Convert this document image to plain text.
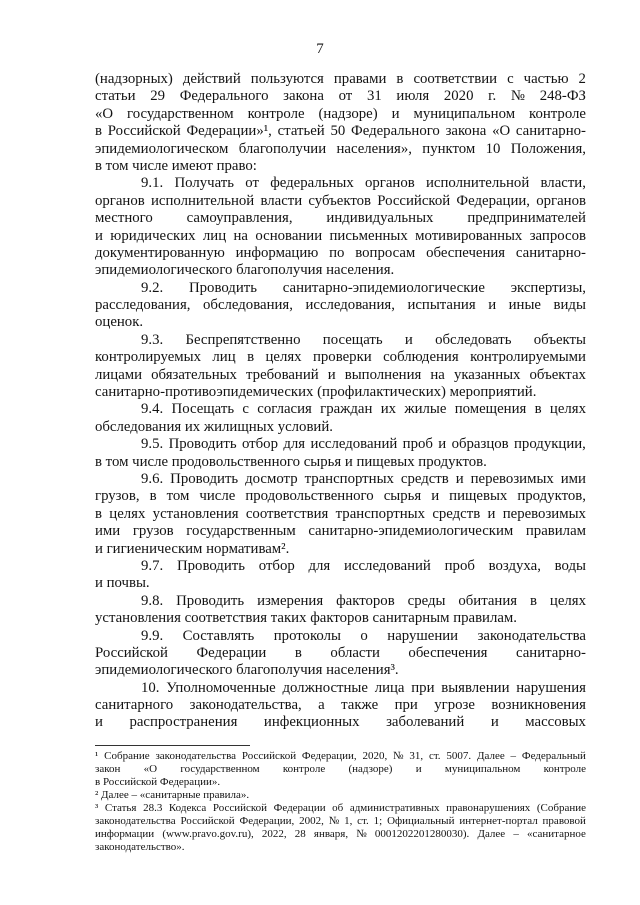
7
(надзорных) действий пользуются правами в соответствии с частью 2
статьи 29 Федерального закона от 31 июля 2020 г. № 248-ФЗ
«О государственном контроле (надзоре) и муниципальном контроле
в Российской Федерации»¹, статьей 50 Федерального закона «О санитарно-
эпидемиологическом благополучии населения», пунктом 10 Положения,
в том числе имеют право:
9.1. Получать от федеральных органов исполнительной власти,
органов исполнительной власти субъектов Российской Федерации, органов
местного самоуправления, индивидуальных предпринимателей
и юридических лиц на основании письменных мотивированных запросов
документированную информацию по вопросам обеспечения санитарно-
эпидемиологического благополучия населения.
9.2. Проводить санитарно-эпидемиологические экспертизы,
расследования, обследования, исследования, испытания и иные виды
оценок.
9.3. Беспрепятственно посещать и обследовать объекты
контролируемых лиц в целях проверки соблюдения контролируемыми
лицами обязательных требований и выполнения на указанных объектах
санитарно-противоэпидемических (профилактических) мероприятий.
9.4. Посещать с согласия граждан их жилые помещения в целях
обследования их жилищных условий.
9.5. Проводить отбор для исследований проб и образцов продукции,
в том числе продовольственного сырья и пищевых продуктов.
9.6. Проводить досмотр транспортных средств и перевозимых ими
грузов, в том числе продовольственного сырья и пищевых продуктов,
в целях установления соответствия транспортных средств и перевозимых
ими грузов государственным санитарно-эпидемиологическим правилам
и гигиеническим нормативам².
9.7. Проводить отбор для исследований проб воздуха, воды
и почвы.
9.8. Проводить измерения факторов среды обитания в целях
установления соответствия таких факторов санитарным правилам.
9.9. Составлять протоколы о нарушении законодательства
Российской Федерации в области обеспечения санитарно-
эпидемиологического благополучия населения³.
10. Уполномоченные должностные лица при выявлении нарушения
санитарного законодательства, а также при угрозе возникновения
и распространения инфекционных заболеваний и массовых
¹ Собрание законодательства Российской Федерации, 2020, № 31, ст. 5007. Далее – Федеральный
закон «О государственном контроле (надзоре) и муниципальном контроле
в Российской Федерации».
² Далее – «санитарные правила».
³ Статья 28.3 Кодекса Российской Федерации об административных правонарушениях (Собрание
законодательства Российской Федерации, 2002, № 1, ст. 1; Официальный интернет-портал правовой
информации (www.pravo.gov.ru), 2022, 28 января, № 0001202201280030). Далее – «санитарное
законодательство».
